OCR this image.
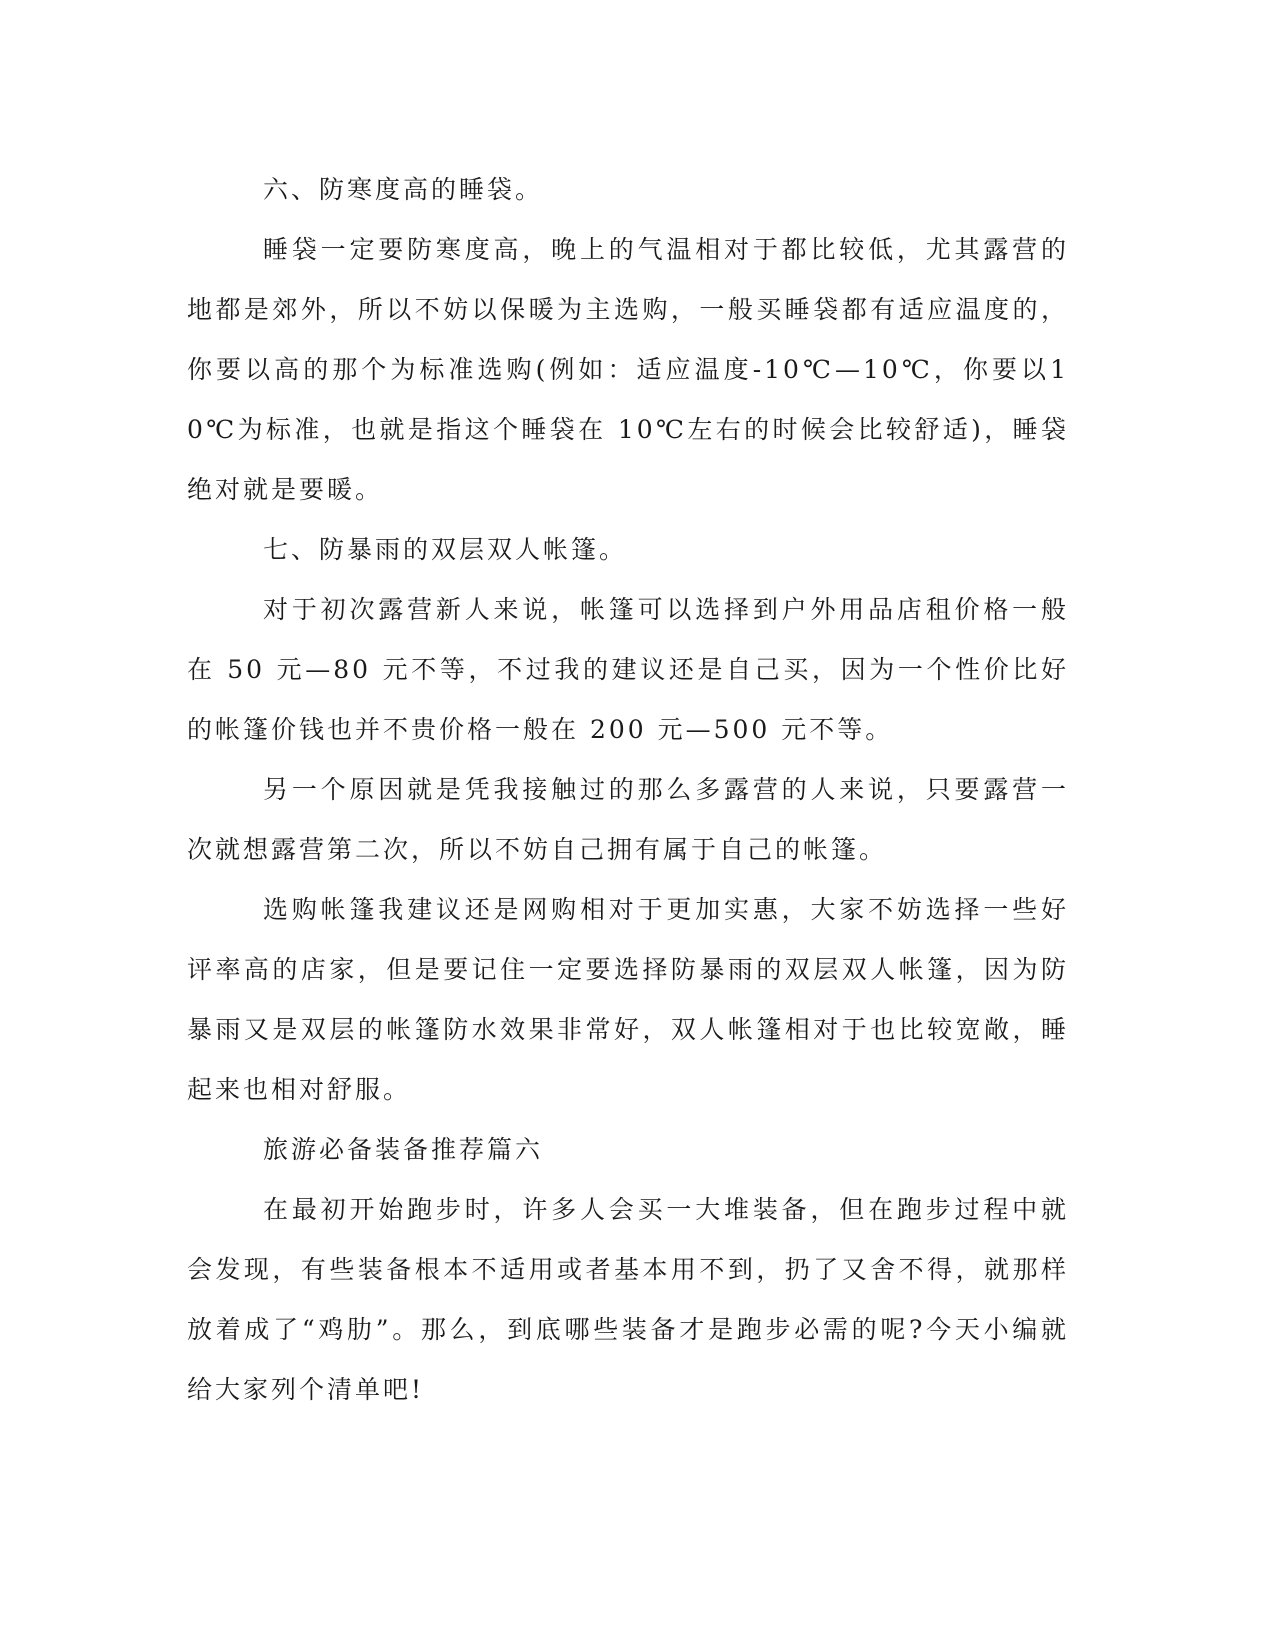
六、防寒度高的睡袋。

睡袋一定要防寒度高，晚上的气温相对于都比较低，尤其露营的地都是郊外，所以不妨以保暖为主选购，一般买睡袋都有适应温度的，你要以高的那个为标准选购(例如：适应温度-10℃—10℃，你要以10℃为标准，也就是指这个睡袋在 10℃左右的时候会比较舒适)，睡袋绝对就是要暖。

七、防暴雨的双层双人帐篷。

对于初次露营新人来说，帐篷可以选择到户外用品店租价格一般在 50 元—80 元不等，不过我的建议还是自己买，因为一个性价比好的帐篷价钱也并不贵价格一般在 200 元—500 元不等。

另一个原因就是凭我接触过的那么多露营的人来说，只要露营一次就想露营第二次，所以不妨自己拥有属于自己的帐篷。

选购帐篷我建议还是网购相对于更加实惠，大家不妨选择一些好评率高的店家，但是要记住一定要选择防暴雨的双层双人帐篷，因为防暴雨又是双层的帐篷防水效果非常好，双人帐篷相对于也比较宽敞，睡起来也相对舒服。

旅游必备装备推荐篇六

在最初开始跑步时，许多人会买一大堆装备，但在跑步过程中就会发现，有些装备根本不适用或者基本用不到，扔了又舍不得，就那样放着成了“鸡肋”。那么，到底哪些装备才是跑步必需的呢?今天小编就给大家列个清单吧!
